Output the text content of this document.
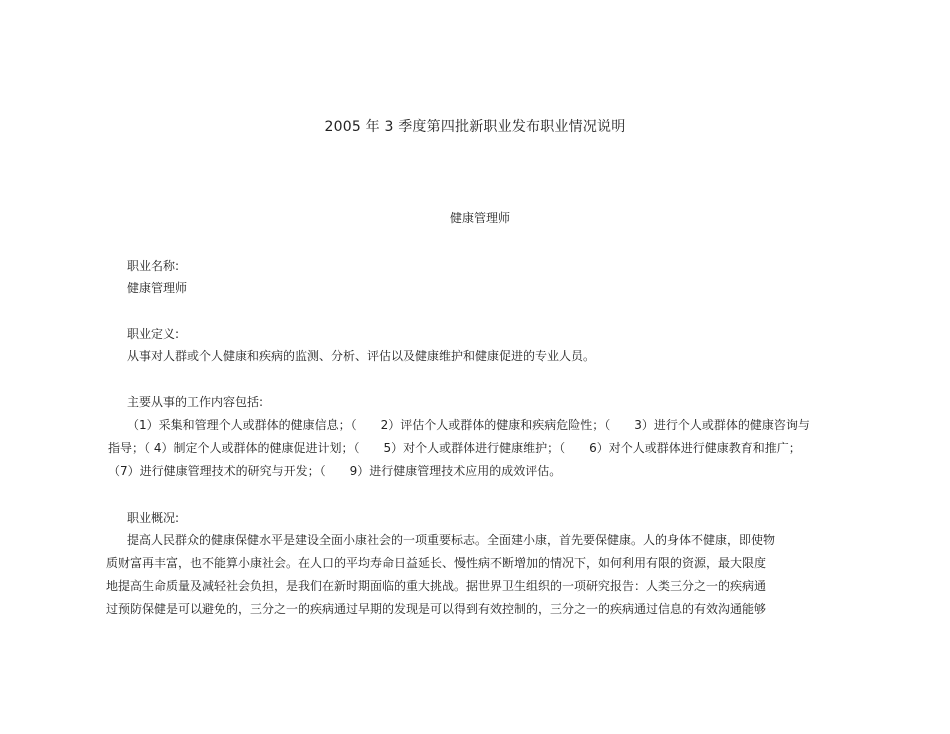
2005 年 3 季度第四批新职业发布职业情况说明
健康管理师
职业名称:
健康管理师
职业定义:
从事对人群或个人健康和疾病的监测、分析、评估以及健康维护和健康促进的专业人员。
主要从事的工作内容包括:
（1）采集和管理个人或群体的健康信息；（　　2）评估个人或群体的健康和疾病危险性；（　　3）进行个人或群体的健康咨询与
指导；（ 4）制定个人或群体的健康促进计划；（　　5）对个人或群体进行健康维护；（　　6）对个人或群体进行健康教育和推广；
（7）进行健康管理技术的研究与开发；（　　9）进行健康管理技术应用的成效评估。
职业概况:
提高人民群众的健康保健水平是建设全面小康社会的一项重要标志。全面建小康，首先要保健康。人的身体不健康，即使物
质财富再丰富，也不能算小康社会。在人口的平均寿命日益延长、慢性病不断增加的情况下，如何利用有限的资源，最大限度
地提高生命质量及减轻社会负担，是我们在新时期面临的重大挑战。据世界卫生组织的一项研究报告：人类三分之一的疾病通
过预防保健是可以避免的，三分之一的疾病通过早期的发现是可以得到有效控制的，三分之一的疾病通过信息的有效沟通能够
